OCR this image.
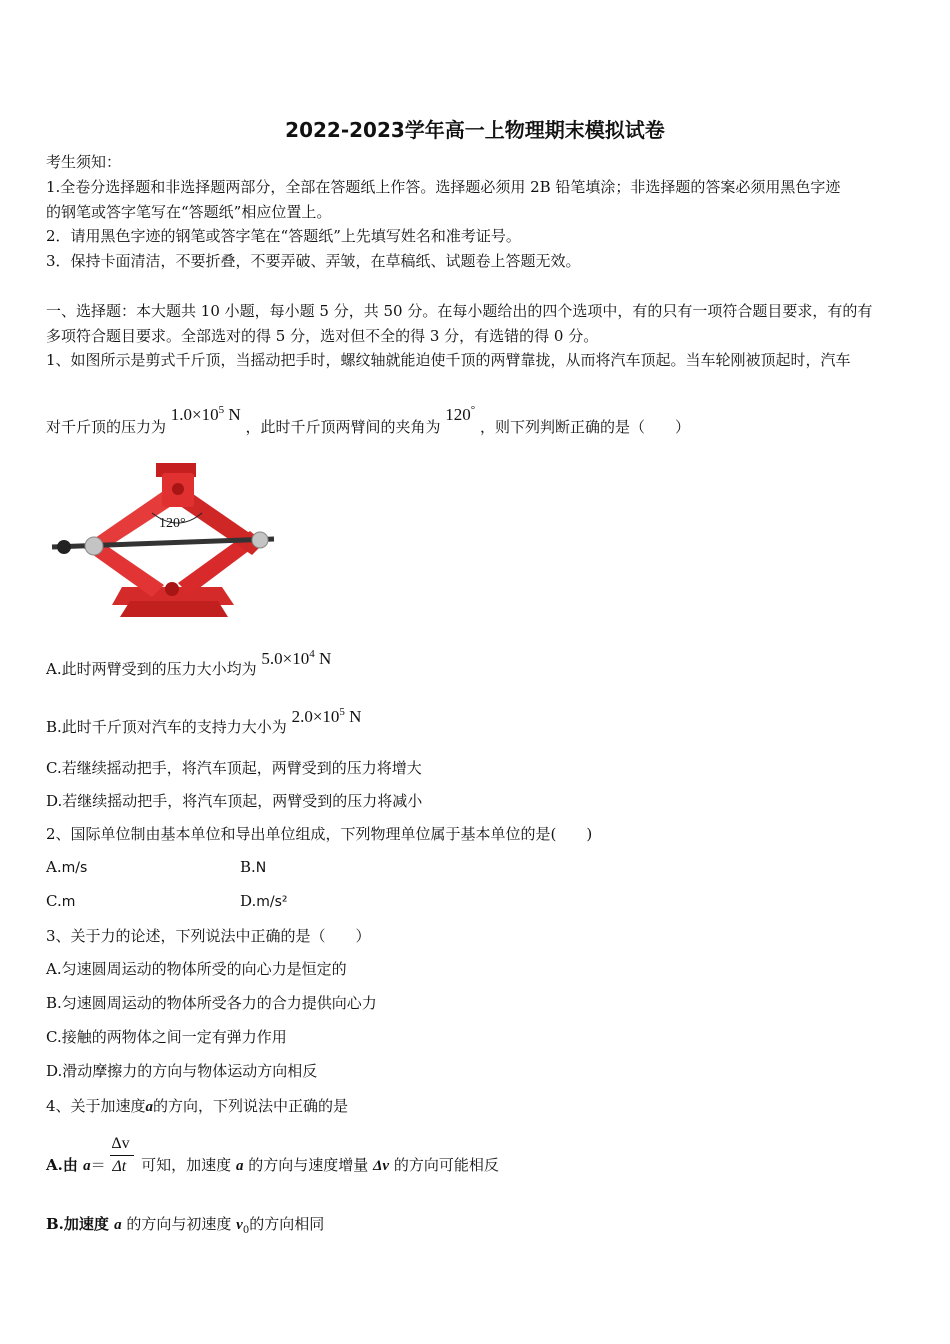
2022-2023学年高一上物理期末模拟试卷
考生须知：
1.全卷分选择题和非选择题两部分，全部在答题纸上作答。选择题必须用 2B 铅笔填涂；非选择题的答案必须用黑色字迹
的钢笔或答字笔写在“答题纸”相应位置上。
2．请用黑色字迹的钢笔或答字笔在“答题纸”上先填写姓名和准考证号。
3．保持卡面清洁，不要折叠，不要弄破、弄皱，在草稿纸、试题卷上答题无效。
一、选择题：本大题共 10 小题，每小题 5 分，共 50 分。在每小题给出的四个选项中，有的只有一项符合题目要求，有的有
多项符合题目要求。全部选对的得 5 分，选对但不全的得 3 分，有选错的得 0 分。
1、如图所示是剪式千斤顶，当摇动把手时，螺纹轴就能迫使千顶的两臂靠拢，从而将汽车顶起。当车轮刚被顶起时，汽车
对千斤顶的压力为 $1.0\times 10^5$ N ，此时千斤顶两臂间的夹角为 120° ，则下列判断正确的是（　　）
120°
A.此时两臂受到的压力大小均为 $5.0\times 10^4$ N
B.此时千斤顶对汽车的支持力大小为 $2.0\times 10^5$ N
C.若继续摇动把手，将汽车顶起，两臂受到的压力将增大
D.若继续摇动把手，将汽车顶起，两臂受到的压力将减小
2、国际单位制由基本单位和导出单位组成，下列物理单位属于基本单位的是(　　)
A.m/s	B.N
C.m	D.m/s²
3、关于力的论述，下列说法中正确的是（　　）
A.匀速圆周运动的物体所受的向心力是恒定的
B.匀速圆周运动的物体所受各力的合力提供向心力
C.接触的两物体之间一定有弹力作用
D.滑动摩擦力的方向与物体运动方向相反
4、关于加速度a的方向，下列说法中正确的是
A.由 $a= \frac{\Delta v}{\Delta t}$ 可知，加速度 a 的方向与速度增量 Δv 的方向可能相反
B.加速度 a 的方向与初速度 $v_0$的方向相同
